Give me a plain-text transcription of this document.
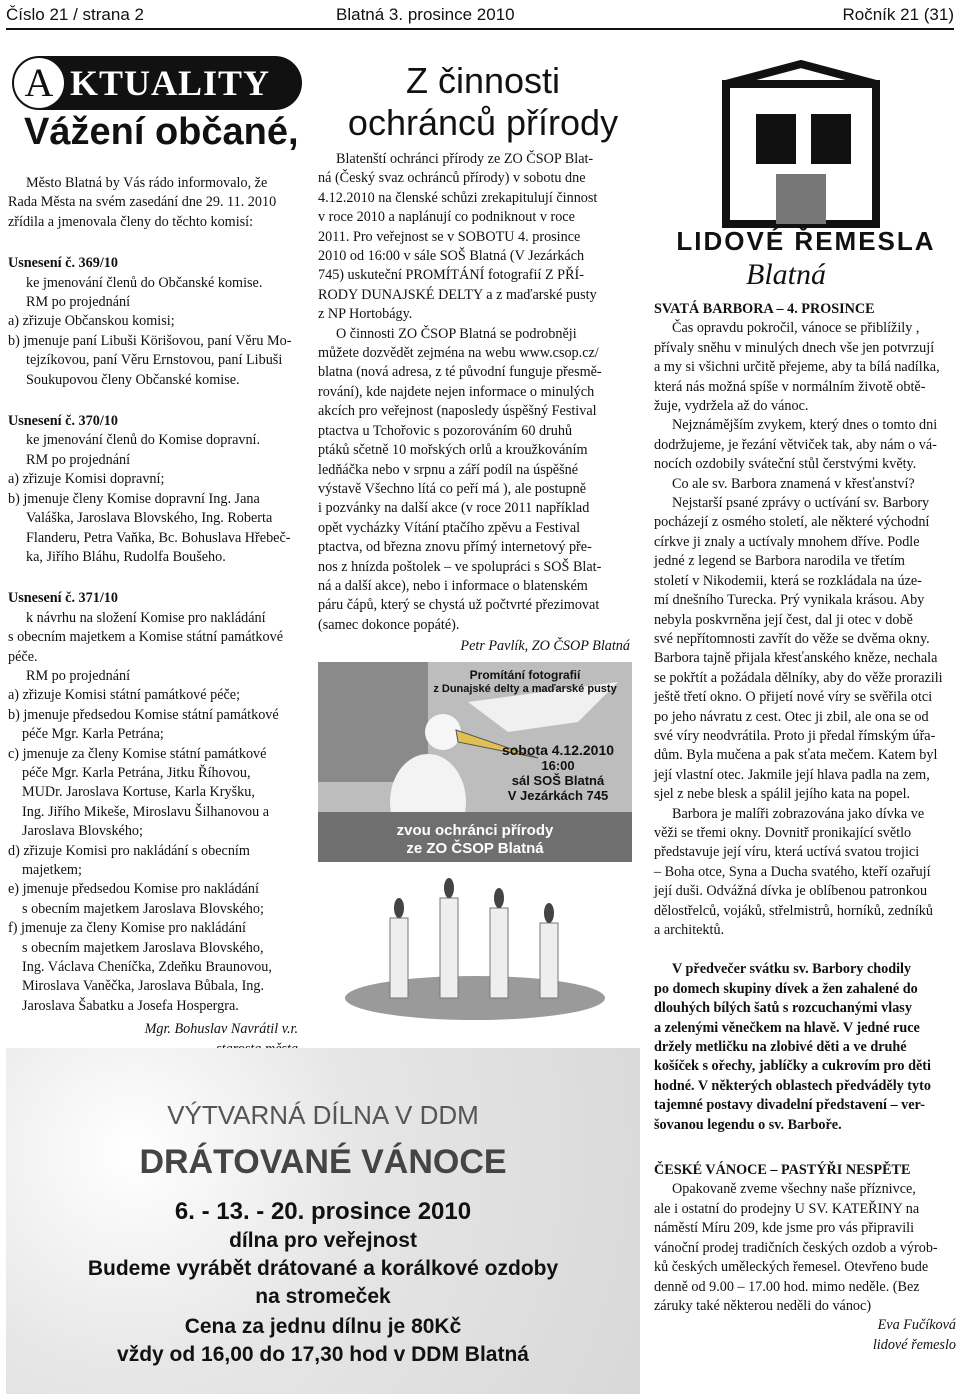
Číslo 21 / strana 2	Blatná 3. prosince 2010	Ročník 21 (31)
A KTUALITY
Vážení občané,

Město Blatná by Vás rádo informovalo, že

Rada Města na svém zasedání dne 29. 11. 2010

zřídila a jmenovala členy do těchto komisí:

Usnesení č. 369/10

ke jmenování členů do Občanské komise.

RM po projednání

a) zřizuje Občanskou komisi;

b) jmenuje paní Libuši Körišovou, paní Věru Mo-

tejzíkovou, paní Věru Ernstovou, paní Libuši

Soukupovou členy Občanské komise.

Usnesení č. 370/10

ke jmenování členů do Komise dopravní.

RM po projednání

a) zřizuje Komisi dopravní;

b) jmenuje členy Komise dopravní Ing. Jana

Valáška, Jaroslava Blovského, Ing. Roberta

Flanderu, Petra Vaňka, Bc. Bohuslava Hřebeč-

ka, Jiřího Bláhu, Rudolfa Boušeho.

Usnesení č. 371/10

k návrhu na složení Komise pro nakládání

s obecním majetkem a Komise státní památkové

péče.

RM po projednání

a) zřizuje Komisi státní památkové péče;

b) jmenuje předsedou Komise státní památkové

péče Mgr. Karla Petrána;

c) jmenuje za členy Komise státní památkové

péče Mgr. Karla Petrána, Jitku Říhovou,

MUDr. Jaroslava Kortuse, Karla Kryšku,

Ing. Jiřího Mikeše, Miroslavu Šilhanovou a

Jaroslava Blovského;

d) zřizuje Komisi pro nakládání s obecním

majetkem;

e) jmenuje předsedou Komise pro nakládání

s obecním majetkem Jaroslava Blovského;

f) jmenuje za členy Komise pro nakládání

s obecním majetkem Jaroslava Blovského,

Ing. Václava Cheníčka, Zdeňku Braunovou,

Miroslava Vaněčka, Jaroslava Bůbala, Ing.

Jaroslava Šabatku a Josefa Hospergra.

Mgr. Bohuslav Navrátil v.r.

Z činnosti
ochránců přírody

Blatenští ochránci přírody ze ZO ČSOP Blat-

ná (Český svaz ochránců přírody) v sobotu dne

4.12.2010 na členské schůzi zrekapitulují činnost

v roce 2010 a naplánují co podniknout v roce

2011. Pro veřejnost se v SOBOTU 4. prosince

2010 od 16:00 v sále SOŠ Blatná (V Jezárkách

745) uskuteční PROMÍTÁNÍ fotografií Z PŘÍ-

RODY DUNAJSKÉ DELTY a z maďarské pusty

z NP Hortobágy.

O činnosti ZO ČSOP Blatná se podrobněji

můžete dozvědět zejména na webu www.csop.cz/

blatna (nová adresa, z té původní funguje přesmě-

rování), kde najdete nejen informace o minulých

akcích pro veřejnost (naposledy úspěšný Festival

ptactva u Tchořovic s pozorováním 60 druhů

ptáků sčetně 10 mořských orlů a kroužkováním

ledňáčka nebo v srpnu a září podíl na úspěšné

výstavě Všechno lítá co peří má ), ale postupně

i pozvánky na další akce (v roce 2011 například

opět vycházky Vítání ptačího zpěvu a Festival

ptactva, od března znovu přímý internetový pře-

nos z hnízda poštolek – ve spolupráci s SOŠ Blat-

ná a další akce), nebo i informace o blatenském

páru čápů, který se chystá už počtvrté přezimovat

(samec dokonce popáté).

Petr Pavlík, ZO ČSOP Blatná

Promítání fotografií
z Dunajské delty a maďarské pusty
sobota 4.12.2010
16:00
sál SOŠ Blatná
V Jezárkách 745
zvou ochránci přírody
ze ZO ČSOP Blatná
LIDOVÉ ŘEMESLA
Blatná

SVATÁ BARBORA – 4. PROSINCE

Čas opravdu pokročil, vánoce se přiblížily ,

přívaly sněhu v minulých dnech vše jen potvrzují

a my si všichni určitě přejeme, aby ta bílá nadílka,

která nás možná spíše v normálním životě obtě-

žuje, vydržela až do vánoc.

Nejznámějším zvykem, který dnes o tomto dni

dodržujeme, je řezání větviček tak, aby nám o vá-

nocích ozdobily sváteční stůl čerstvými květy.

Co ale sv. Barbora znamená v křesťanství?

Nejstarší psané zprávy o uctívání sv. Barbory

pocházejí z osmého století, ale některé východní

církve ji znaly a uctívaly mnohem dříve. Podle

jedné z legend se Barbora narodila ve třetím

století v Nikodemii, která se rozkládala na úze-

mí dnešního Turecka. Prý vynikala krásou. Aby

nebyla poskvrněna její čest, dal ji otec v době

své nepřítomnosti zavřít do věže se dvěma okny.

Barbora tajně přijala křesťanského kněze, nechala

se pokřtít a požádala dělníky, aby do věže prorazili

ještě třetí okno. O přijetí nové víry se svěřila otci

po jeho návratu z cest. Otec ji zbil, ale ona se od

své víry neodvrátila. Proto ji předal římským úřa-

dům. Byla mučena a pak sťata mečem. Katem byl

její vlastní otec. Jakmile její hlava padla na zem,

sjel z nebe blesk a spálil jejího kata na popel.

Barbora je malíři zobrazována jako dívka ve

věži se třemi okny. Dovnitř pronikající světlo

představuje její víru, která uctívá svatou trojici

– Boha otce, Syna a Ducha svatého, kteří ozařují

její duši. Odvážná dívka je oblíbenou patronkou

dělostřelců, vojáků, střelmistrů, horníků, zedníků

a architektů.

V předvečer svátku sv. Barbory chodily

po domech skupiny dívek a žen zahalené do

dlouhých bílých šatů s rozcuchanými vlasy

a zelenými věnečkem na hlavě. V jedné ruce

držely metličku na zlobivé děti a ve druhé

košíček s ořechy, jablíčky a cukrovím pro děti

hodné. V některých oblastech předváděly tyto

tajemné postavy divadelní představení – ver-

šovanou legendu o sv. Barboře.

ČESKÉ VÁNOCE – PASTÝŘI NESPĚTE

Opakovaně zveme všechny naše příznivce,

ale i ostatní do prodejny U SV. KATEŘINY na

náměstí Míru 209, kde jsme pro vás připravili

vánoční prodej tradičních českých ozdob a výrob-

ků českých uměleckých řemesel. Otevřeno bude

denně od 9.00 – 17.00 hod. mimo neděle. (Bez

záruky také některou neděli do vánoc)

Eva Fučíková

lidové řemeslo

VÝTVARNÁ DÍLNA V DDM
DRÁTOVANÉ VÁNOCE
6. - 13. - 20. prosince 2010
dílna pro veřejnost
Budeme vyrábět drátované a korálkové ozdoby
na stromeček
Cena za jednu dílnu je 80Kč
vždy od 16,00 do 17,30 hod v DDM Blatná
